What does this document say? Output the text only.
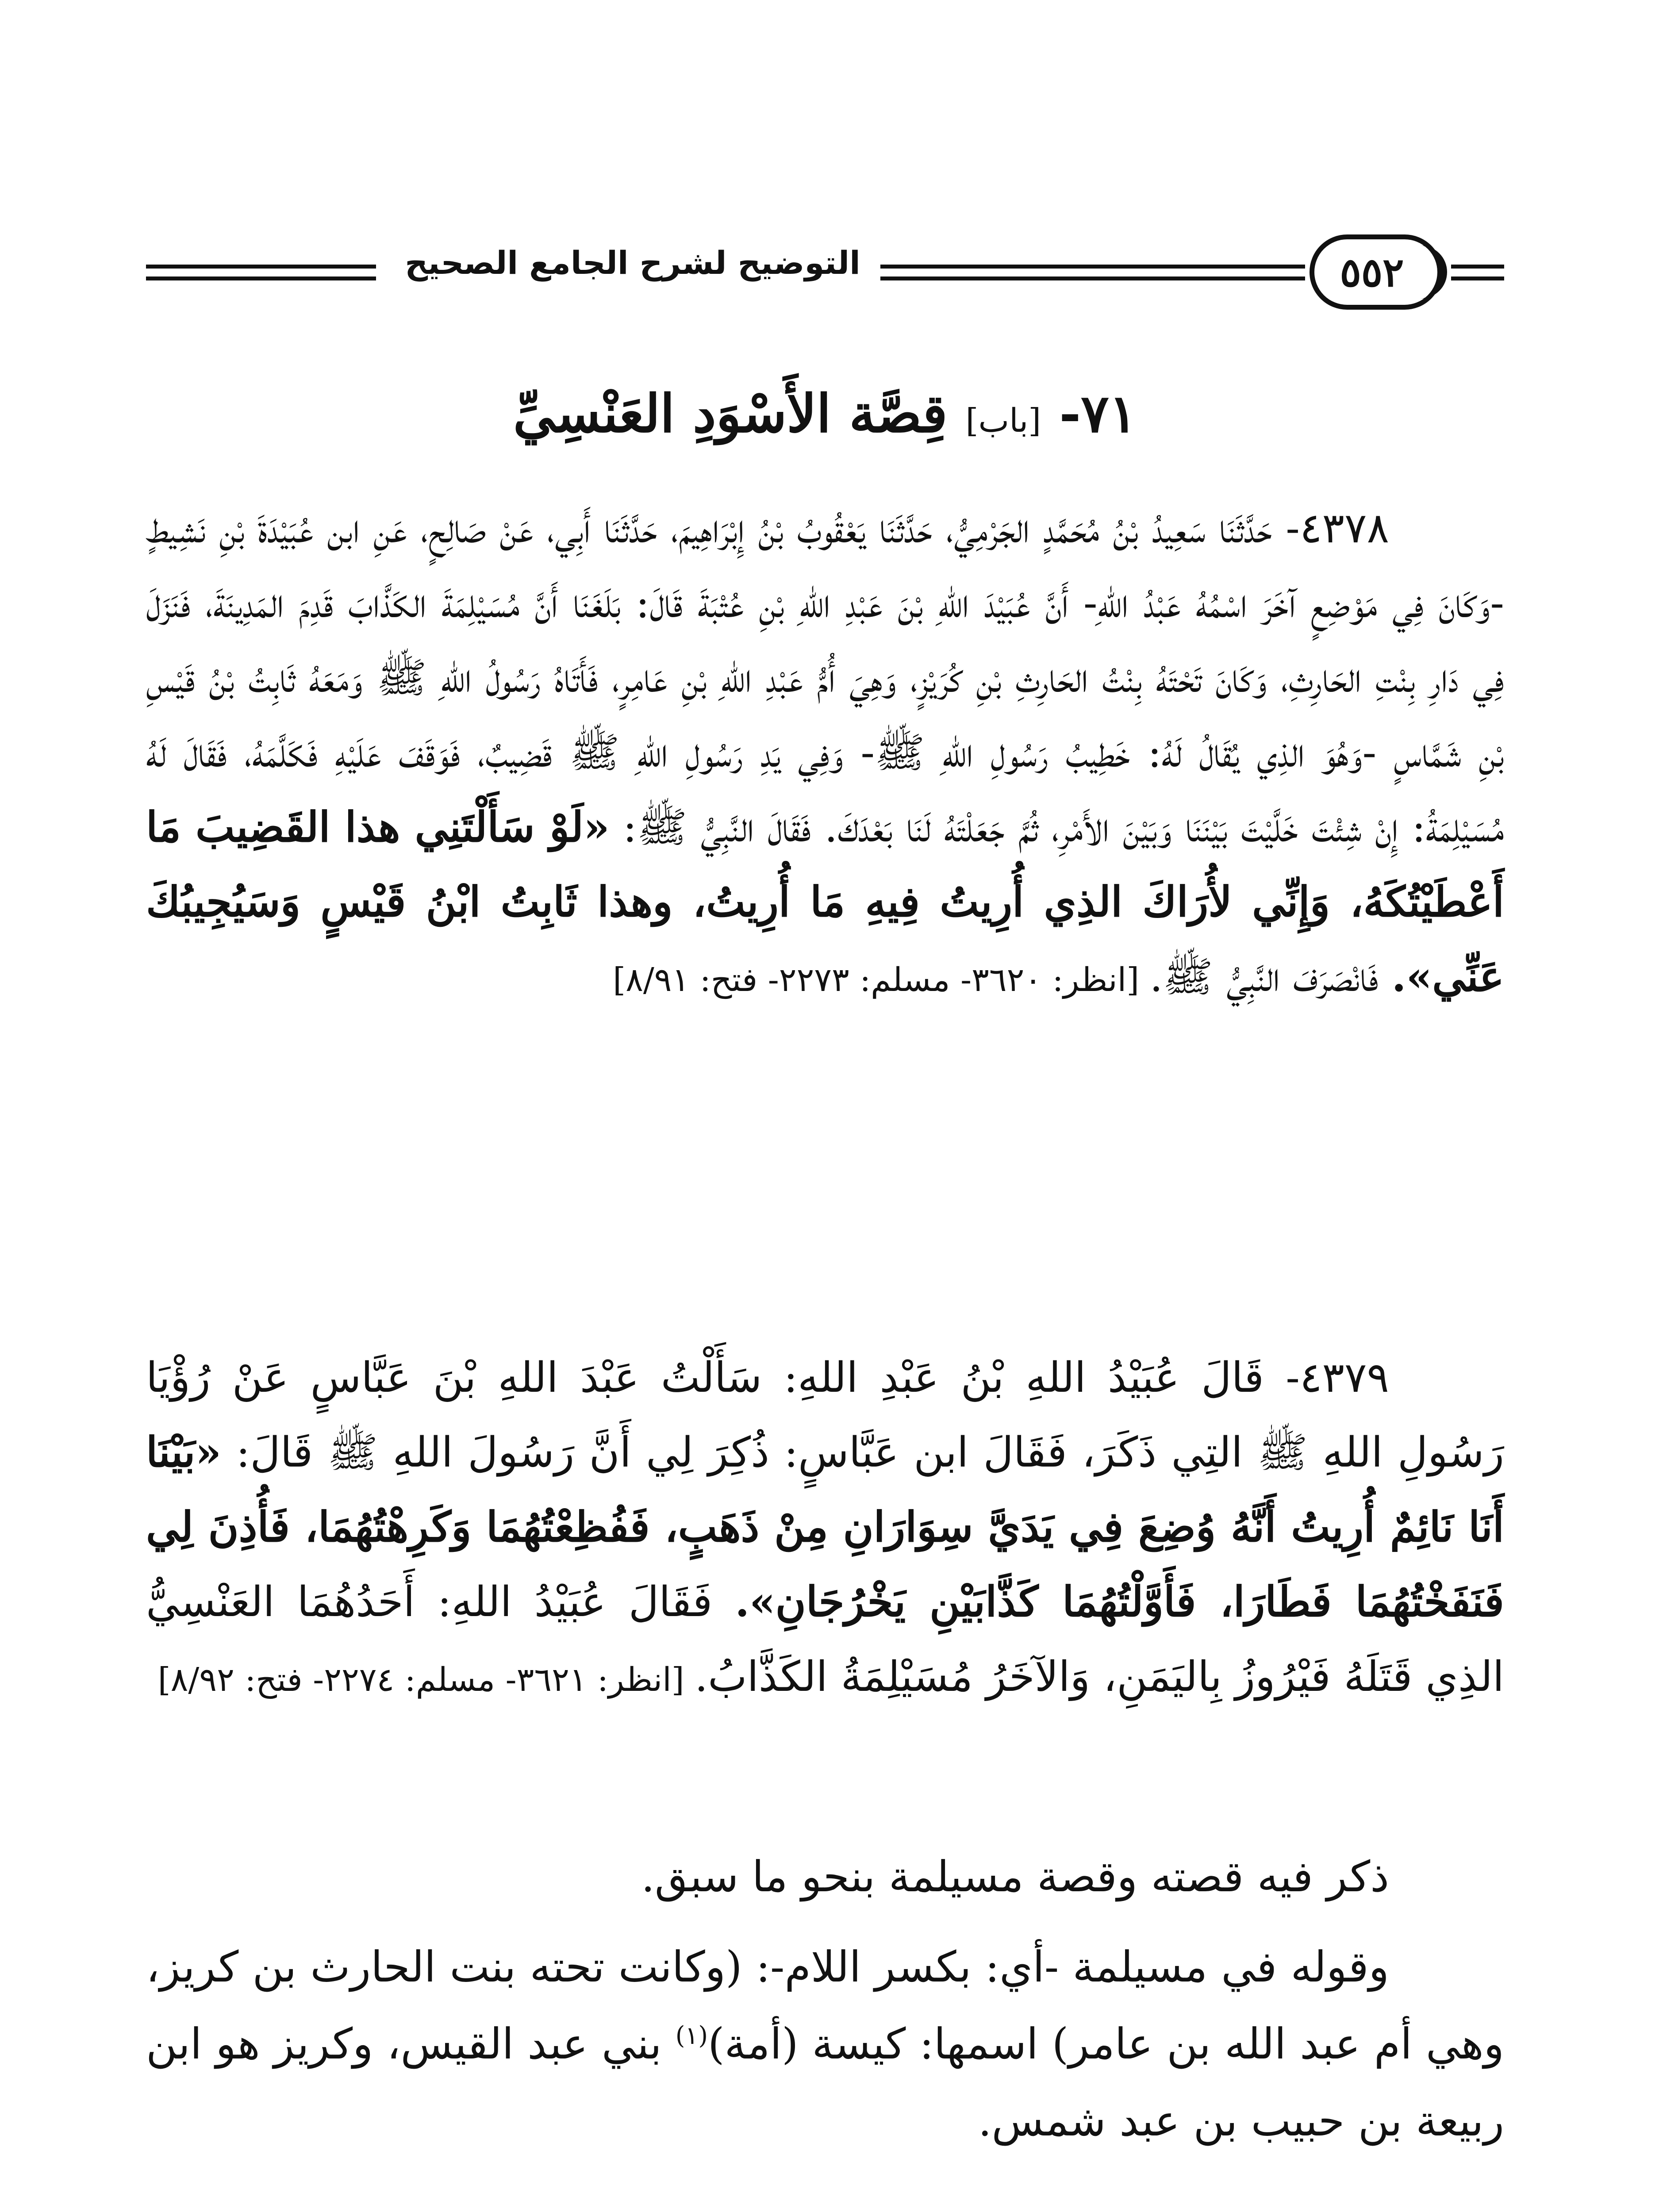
التوضيح لشرح الجامع الصحيح	٥٥٢
٧١- [باب] قِصَّة الأَسْوَدِ العَنْسِيِّ

٤٣٧٨- حَدَّثَنَا سَعِيدُ بْنُ مُحَمَّدٍ الجَرْمِيُّ، حَدَّثَنَا يَعْقُوبُ بْنُ إِبْرَاهِيمَ، حَدَّثَنَا أَبِي، عَنْ صَالِحٍ، عَنِ ابن عُبَيْدَةَ بْنِ نَشِيطٍ -وَكَانَ فِي مَوْضِعٍ آخَرَ اسْمُهُ عَبْدُ اللهِ- أَنَّ عُبَيْدَ اللهِ بْنَ عَبْدِ اللهِ بْنِ عُتْبَةَ قَالَ: بَلَغَنَا أَنَّ مُسَيْلِمَةَ الكَذَّابَ قَدِمَ المَدِينَةَ، فَنَزَلَ فِي دَارِ بِنْتِ الحَارِثِ، وَكَانَ تَحْتَهُ بِنْتُ الحَارِثِ بْنِ كُرَيْزٍ، وَهِيَ أُمُّ عَبْدِ اللهِ بْنِ عَامِرٍ، فَأَتَاهُ رَسُولُ اللهِ ﷺ وَمَعَهُ ثَابِتُ بْنُ قَيْسِ بْنِ شَمَّاسٍ -وَهُوَ الذِي يُقَالُ لَهُ: خَطِيبُ رَسُولِ اللهِ ﷺ- وَفِي يَدِ رَسُولِ اللهِ ﷺ قَضِيبٌ، فَوَقَفَ عَلَيْهِ فَكَلَّمَهُ، فَقَالَ لَهُ مُسَيْلِمَةُ: إِنْ شِئْتَ خَلَّيْتَ بَيْنَنَا وَبَيْنَ الأَمْرِ، ثُمَّ جَعَلْتَهُ لَنَا بَعْدَكَ. فَقَالَ النَّبِيُّ ﷺ: «لَوْ سَأَلْتَنِي هذا القَضِيبَ مَا أَعْطَيْتُكَهُ، وَإِنِّي لأُرَاكَ الذِي أُرِيتُ فِيهِ مَا أُرِيتُ، وهذا ثَابِتُ ابْنُ قَيْسٍ وَسَيُجِيبُكَ عَنِّي». فَانْصَرَفَ النَّبِيُّ ﷺ. [انظر: ٣٦٢٠- مسلم: ٢٢٧٣- فتح: ٨/٩١]

٤٣٧٩- قَالَ عُبَيْدُ اللهِ بْنُ عَبْدِ اللهِ: سَأَلْتُ عَبْدَ اللهِ بْنَ عَبَّاسٍ عَنْ رُؤْيَا رَسُولِ اللهِ ﷺ التِي ذَكَرَ، فَقَالَ ابن عَبَّاسٍ: ذُكِرَ لِي أَنَّ رَسُولَ اللهِ ﷺ قَالَ: «بَيْنَا أَنَا نَائِمٌ أُرِيتُ أَنَّهُ وُضِعَ فِي يَدَيَّ سِوَارَانِ مِنْ ذَهَبٍ، فَفُظِعْتُهُمَا وَكَرِهْتُهُمَا، فَأُذِنَ لِي فَنَفَخْتُهُمَا فَطَارَا، فَأَوَّلْتُهُمَا كَذَّابَيْنِ يَخْرُجَانِ». فَقَالَ عُبَيْدُ اللهِ: أَحَدُهُمَا العَنْسِيُّ الذِي قَتَلَهُ فَيْرُوزُ بِاليَمَنِ، وَالآخَرُ مُسَيْلِمَةُ الكَذَّابُ. [انظر: ٣٦٢١- مسلم: ٢٢٧٤- فتح: ٨/٩٢]

ذكر فيه قصته وقصة مسيلمة بنحو ما سبق.

وقوله في مسيلمة -أي: بكسر اللام-: (وكانت تحته بنت الحارث بن كريز، وهي أم عبد الله بن عامر) اسمها: كيسة (أمة)$^{(١)}$ بني عبد القيس، وكريز هو ابن ربيعة بن حبيب بن عبد شمس.
